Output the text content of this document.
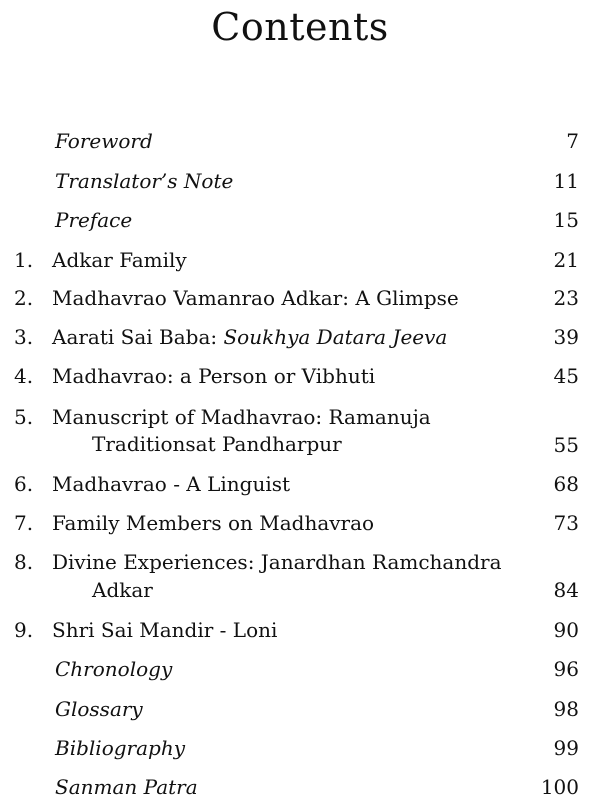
Contents
Foreword	7
Translator’s Note	11
Preface	15
1. Adkar Family	21
2. Madhavrao Vamanrao Adkar: A Glimpse	23
3. Aarati Sai Baba: Soukhya Datara Jeeva	39
4. Madhavrao: a Person or Vibhuti	45
5. Manuscript of Madhavrao: Ramanuja
Traditionsat Pandharpur	55
6. Madhavrao - A Linguist	68
7. Family Members on Madhavrao	73
8. Divine Experiences: Janardhan Ramchandra
Adkar	84
9. Shri Sai Mandir - Loni	90
Chronology	96
Glossary	98
Bibliography	99
Sanman Patra	100
